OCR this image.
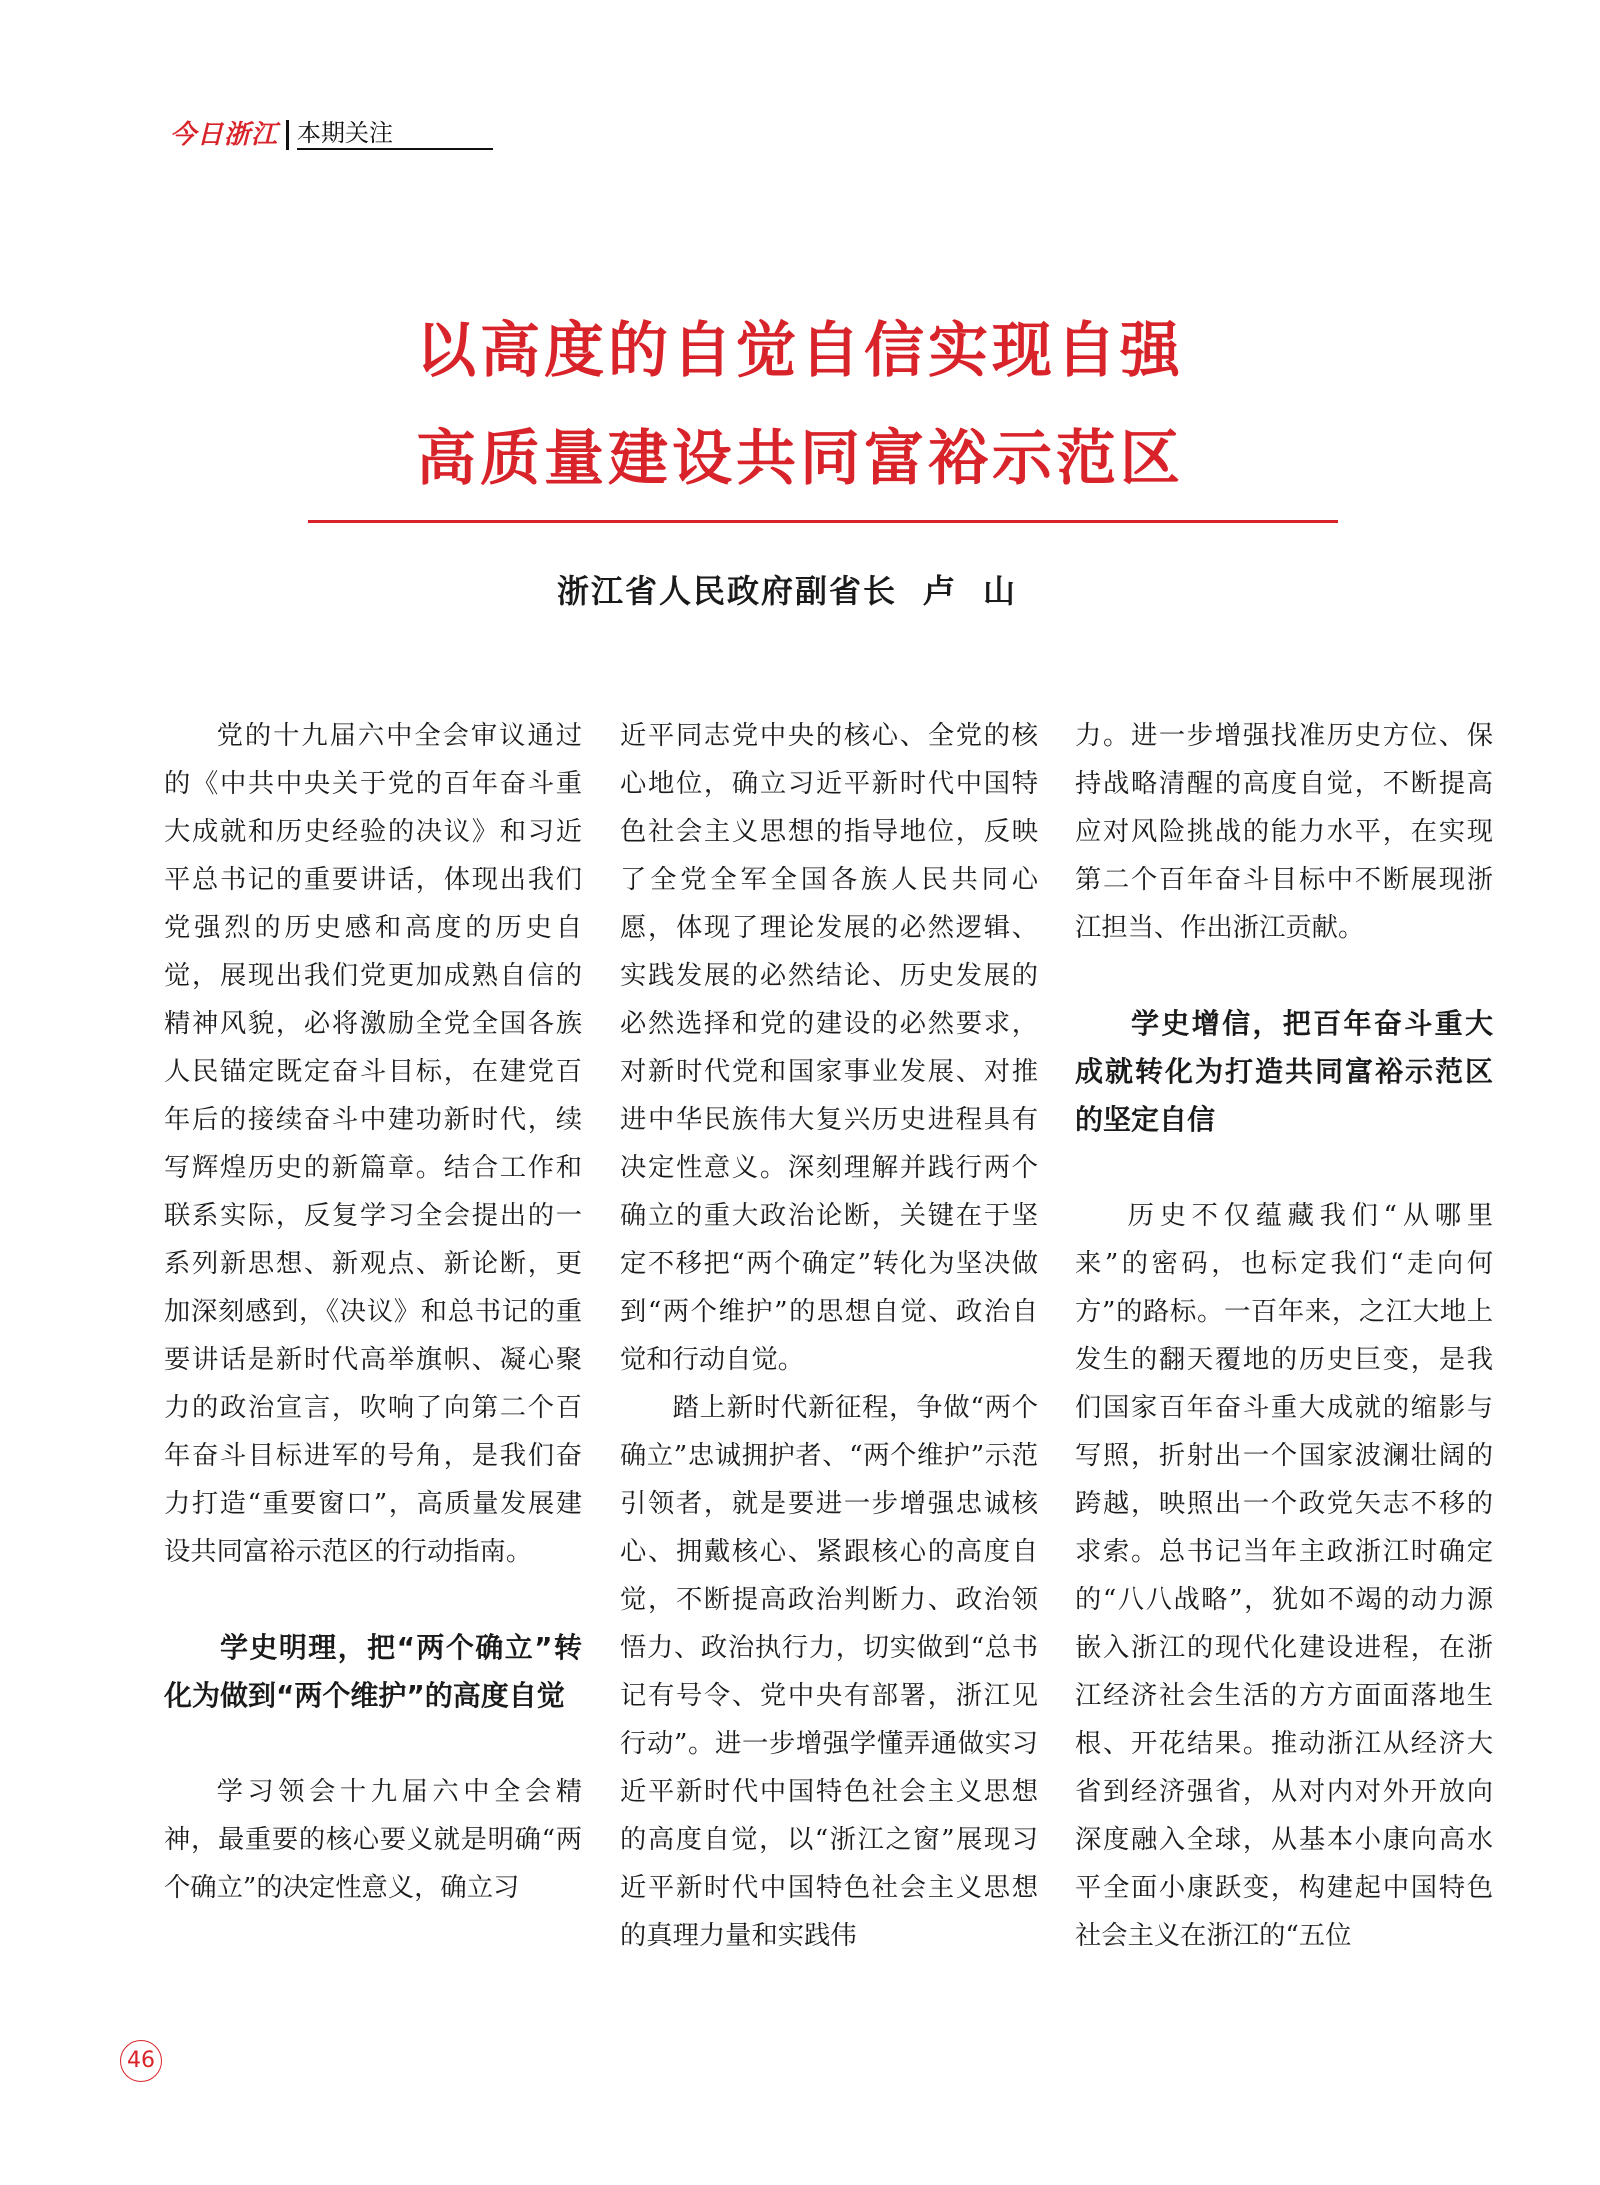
今日浙江 本期关注
以高度的自觉自信实现自强
高质量建设共同富裕示范区
浙江省人民政府副省长 卢山

党的十九届六中全会审议通过的《中共中央关于党的百年奋斗重大成就和历史经验的决议》和习近平总书记的重要讲话，体现出我们党强烈的历史感和高度的历史自觉，展现出我们党更加成熟自信的精神风貌，必将激励全党全国各族人民锚定既定奋斗目标，在建党百年后的接续奋斗中建功新时代，续写辉煌历史的新篇章。结合工作和联系实际，反复学习全会提出的一系列新思想、新观点、新论断，更加深刻感到，《决议》和总书记的重要讲话是新时代高举旗帜、凝心聚力的政治宣言，吹响了向第二个百年奋斗目标进军的号角，是我们奋力打造“重要窗口”，高质量发展建设共同富裕示范区的行动指南。

学史明理，把“两个确立”转化为做到“两个维护”的高度自觉

学习领会十九届六中全会精神，最重要的核心要义就是明确“两个确立”的决定性意义，确立习

近平同志党中央的核心、全党的核心地位，确立习近平新时代中国特色社会主义思想的指导地位，反映了全党全军全国各族人民共同心愿，体现了理论发展的必然逻辑、实践发展的必然结论、历史发展的必然选择和党的建设的必然要求，对新时代党和国家事业发展、对推进中华民族伟大复兴历史进程具有决定性意义。深刻理解并践行两个确立的重大政治论断，关键在于坚定不移把“两个确定”转化为坚决做到“两个维护”的思想自觉、政治自觉和行动自觉。

踏上新时代新征程，争做“两个确立”忠诚拥护者、“两个维护”示范引领者，就是要进一步增强忠诚核心、拥戴核心、紧跟核心的高度自觉，不断提高政治判断力、政治领悟力、政治执行力，切实做到“总书记有号令、党中央有部署，浙江见行动”。进一步增强学懂弄通做实习近平新时代中国特色社会主义思想的高度自觉，以“浙江之窗”展现习近平新时代中国特色社会主义思想的真理力量和实践伟

力。进一步增强找准历史方位、保持战略清醒的高度自觉，不断提高应对风险挑战的能力水平，在实现第二个百年奋斗目标中不断展现浙江担当、作出浙江贡献。

学史增信，把百年奋斗重大成就转化为打造共同富裕示范区的坚定自信

历史不仅蕴藏我们“从哪里来”的密码，也标定我们“走向何方”的路标。一百年来，之江大地上发生的翻天覆地的历史巨变，是我们国家百年奋斗重大成就的缩影与写照，折射出一个国家波澜壮阔的跨越，映照出一个政党矢志不移的求索。总书记当年主政浙江时确定的“八八战略”，犹如不竭的动力源嵌入浙江的现代化建设进程，在浙江经济社会生活的方方面面落地生根、开花结果。推动浙江从经济大省到经济强省，从对内对外开放向深度融入全球，从基本小康向高水平全面小康跃变，构建起中国特色社会主义在浙江的“五位

46
